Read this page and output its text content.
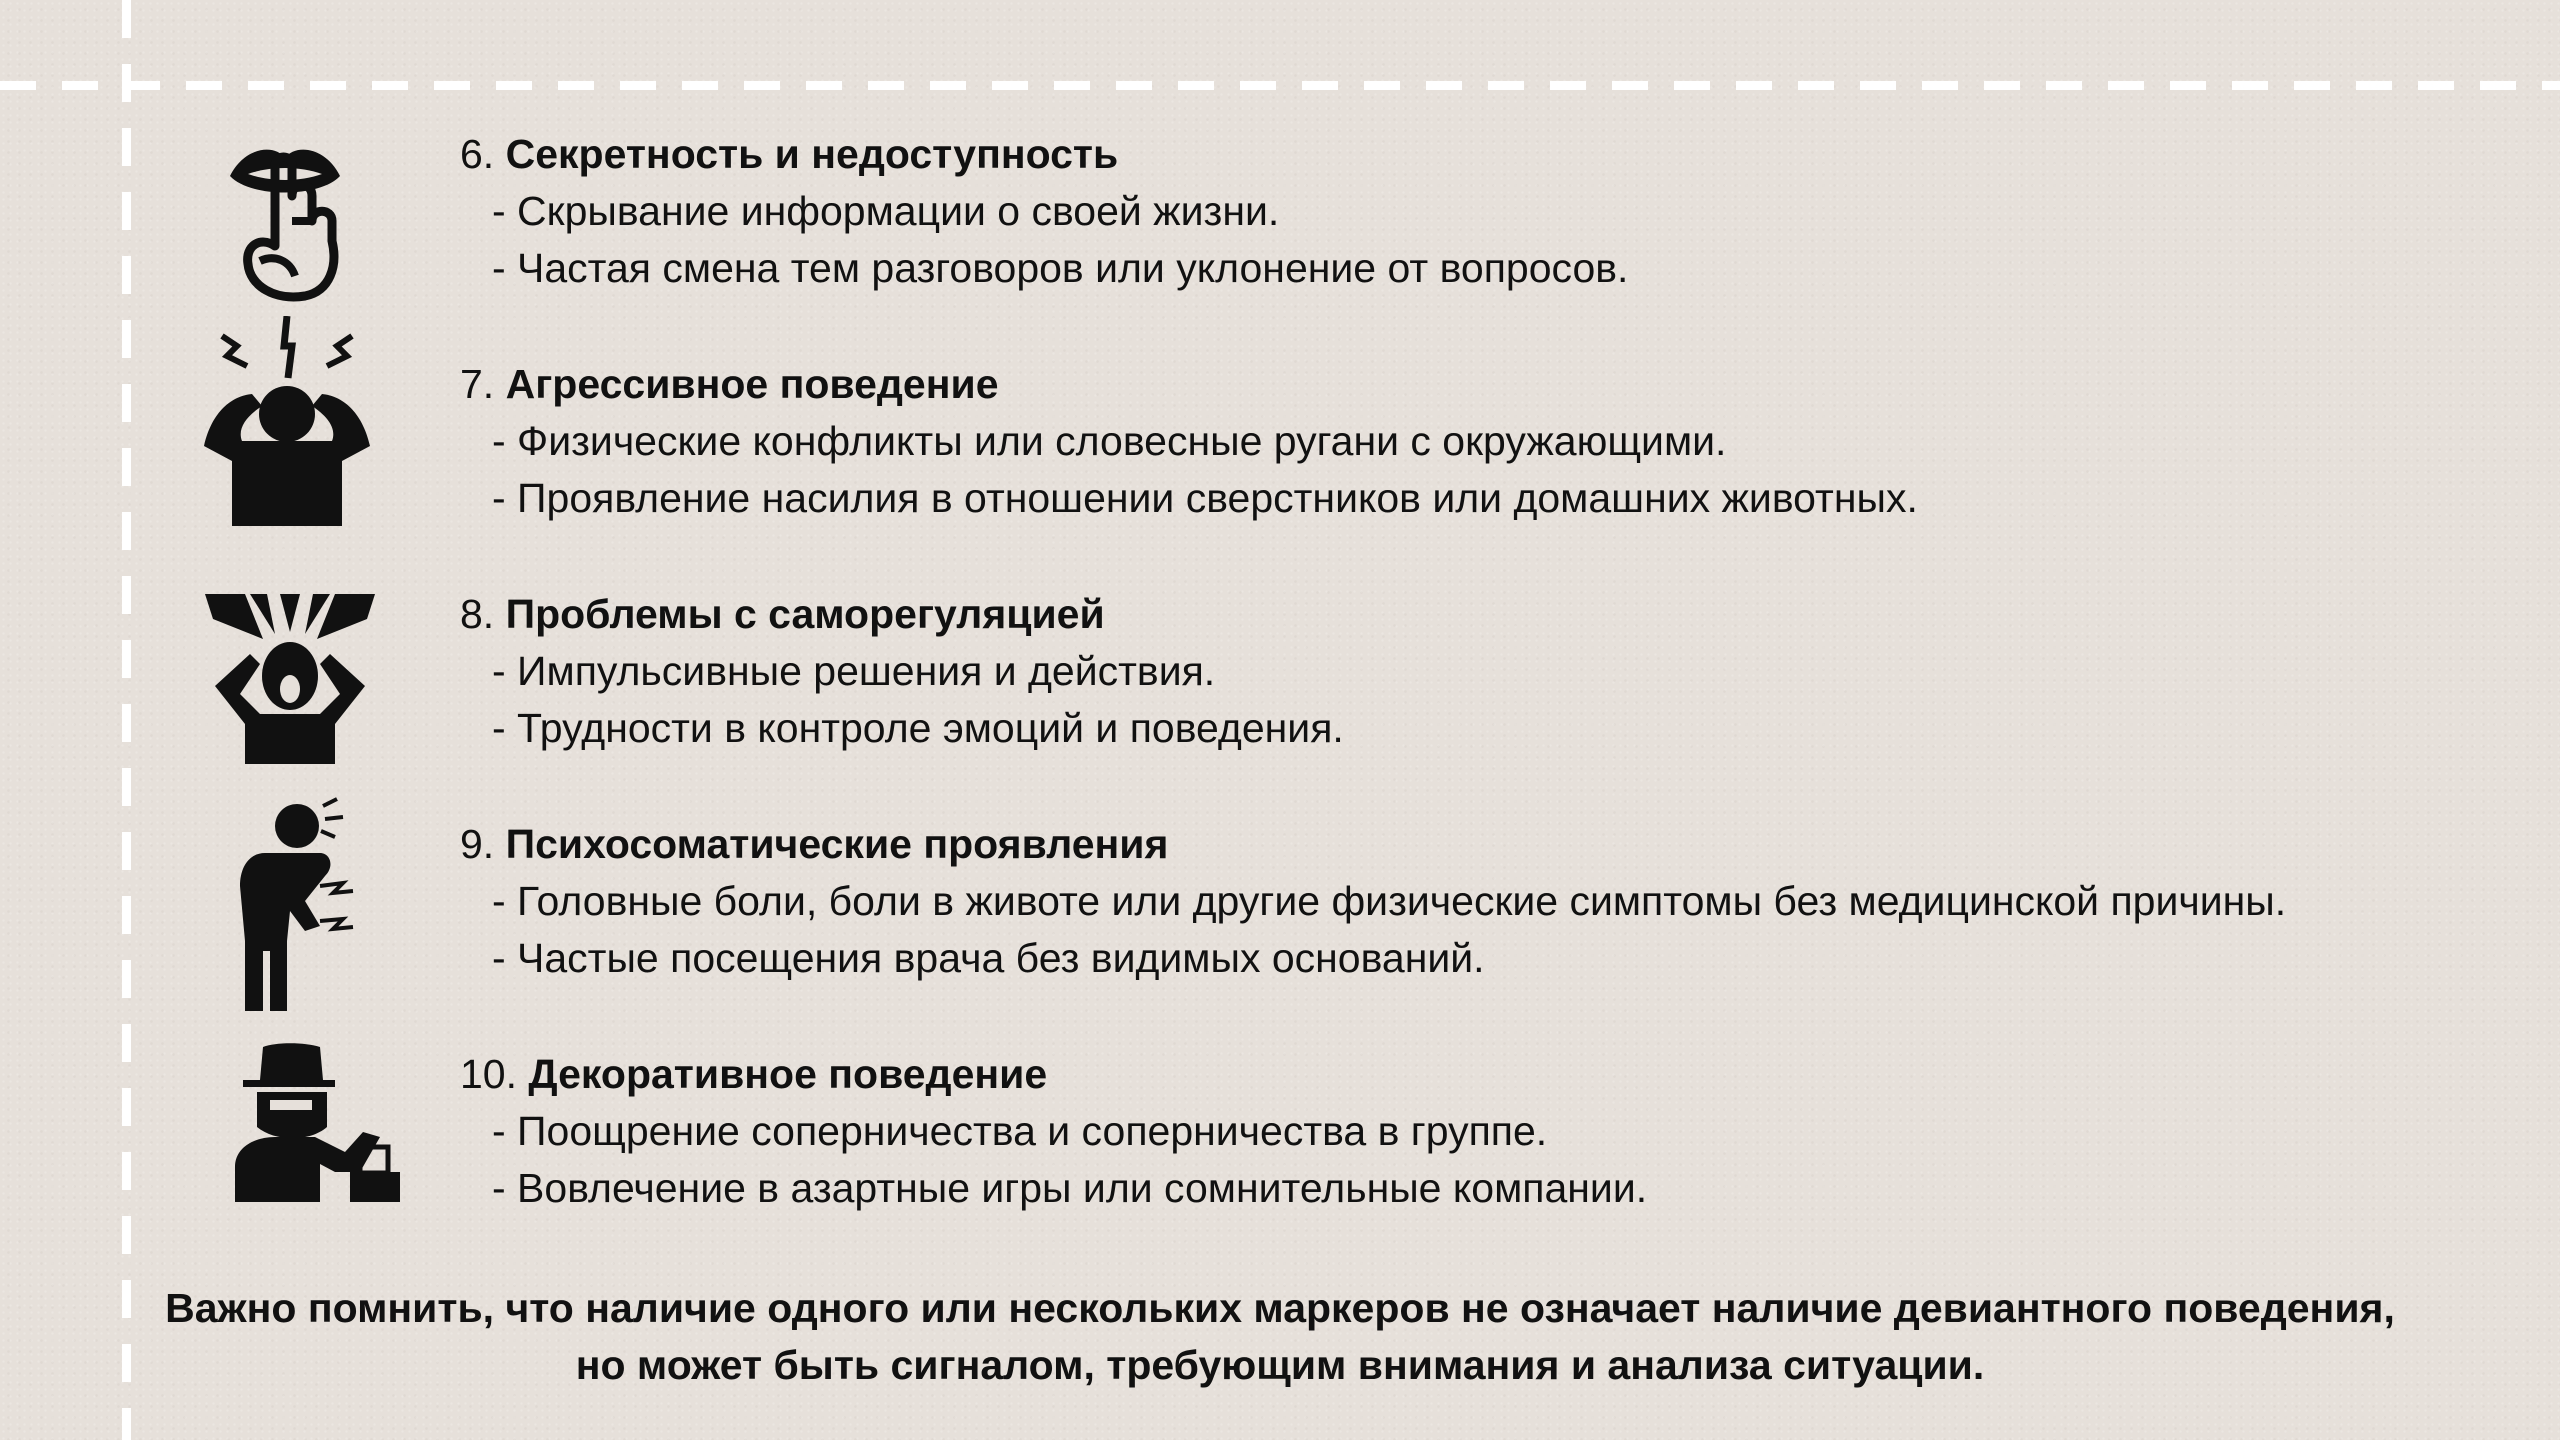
6. Секретность и недоступность
- Скрывание информации о своей жизни.
- Частая смена тем разговоров или уклонение от вопросов.
7. Агрессивное поведение
- Физические конфликты или словесные ругани с окружающими.
- Проявление насилия в отношении сверстников или домашних животных.
8. Проблемы с саморегуляцией
- Импульсивные решения и действия.
- Трудности в контроле эмоций и поведения.
9. Психосоматические проявления
- Головные боли, боли в животе или другие физические симптомы без медицинской причины.
- Частые посещения врача без видимых оснований.
10. Декоративное поведение
- Поощрение соперничества и соперничества в группе.
- Вовлечение в азартные игры или сомнительные компании.
Важно помнить, что наличие одного или нескольких маркеров не означает наличие девиантного поведения,
но может быть сигналом, требующим внимания и анализа ситуации.
